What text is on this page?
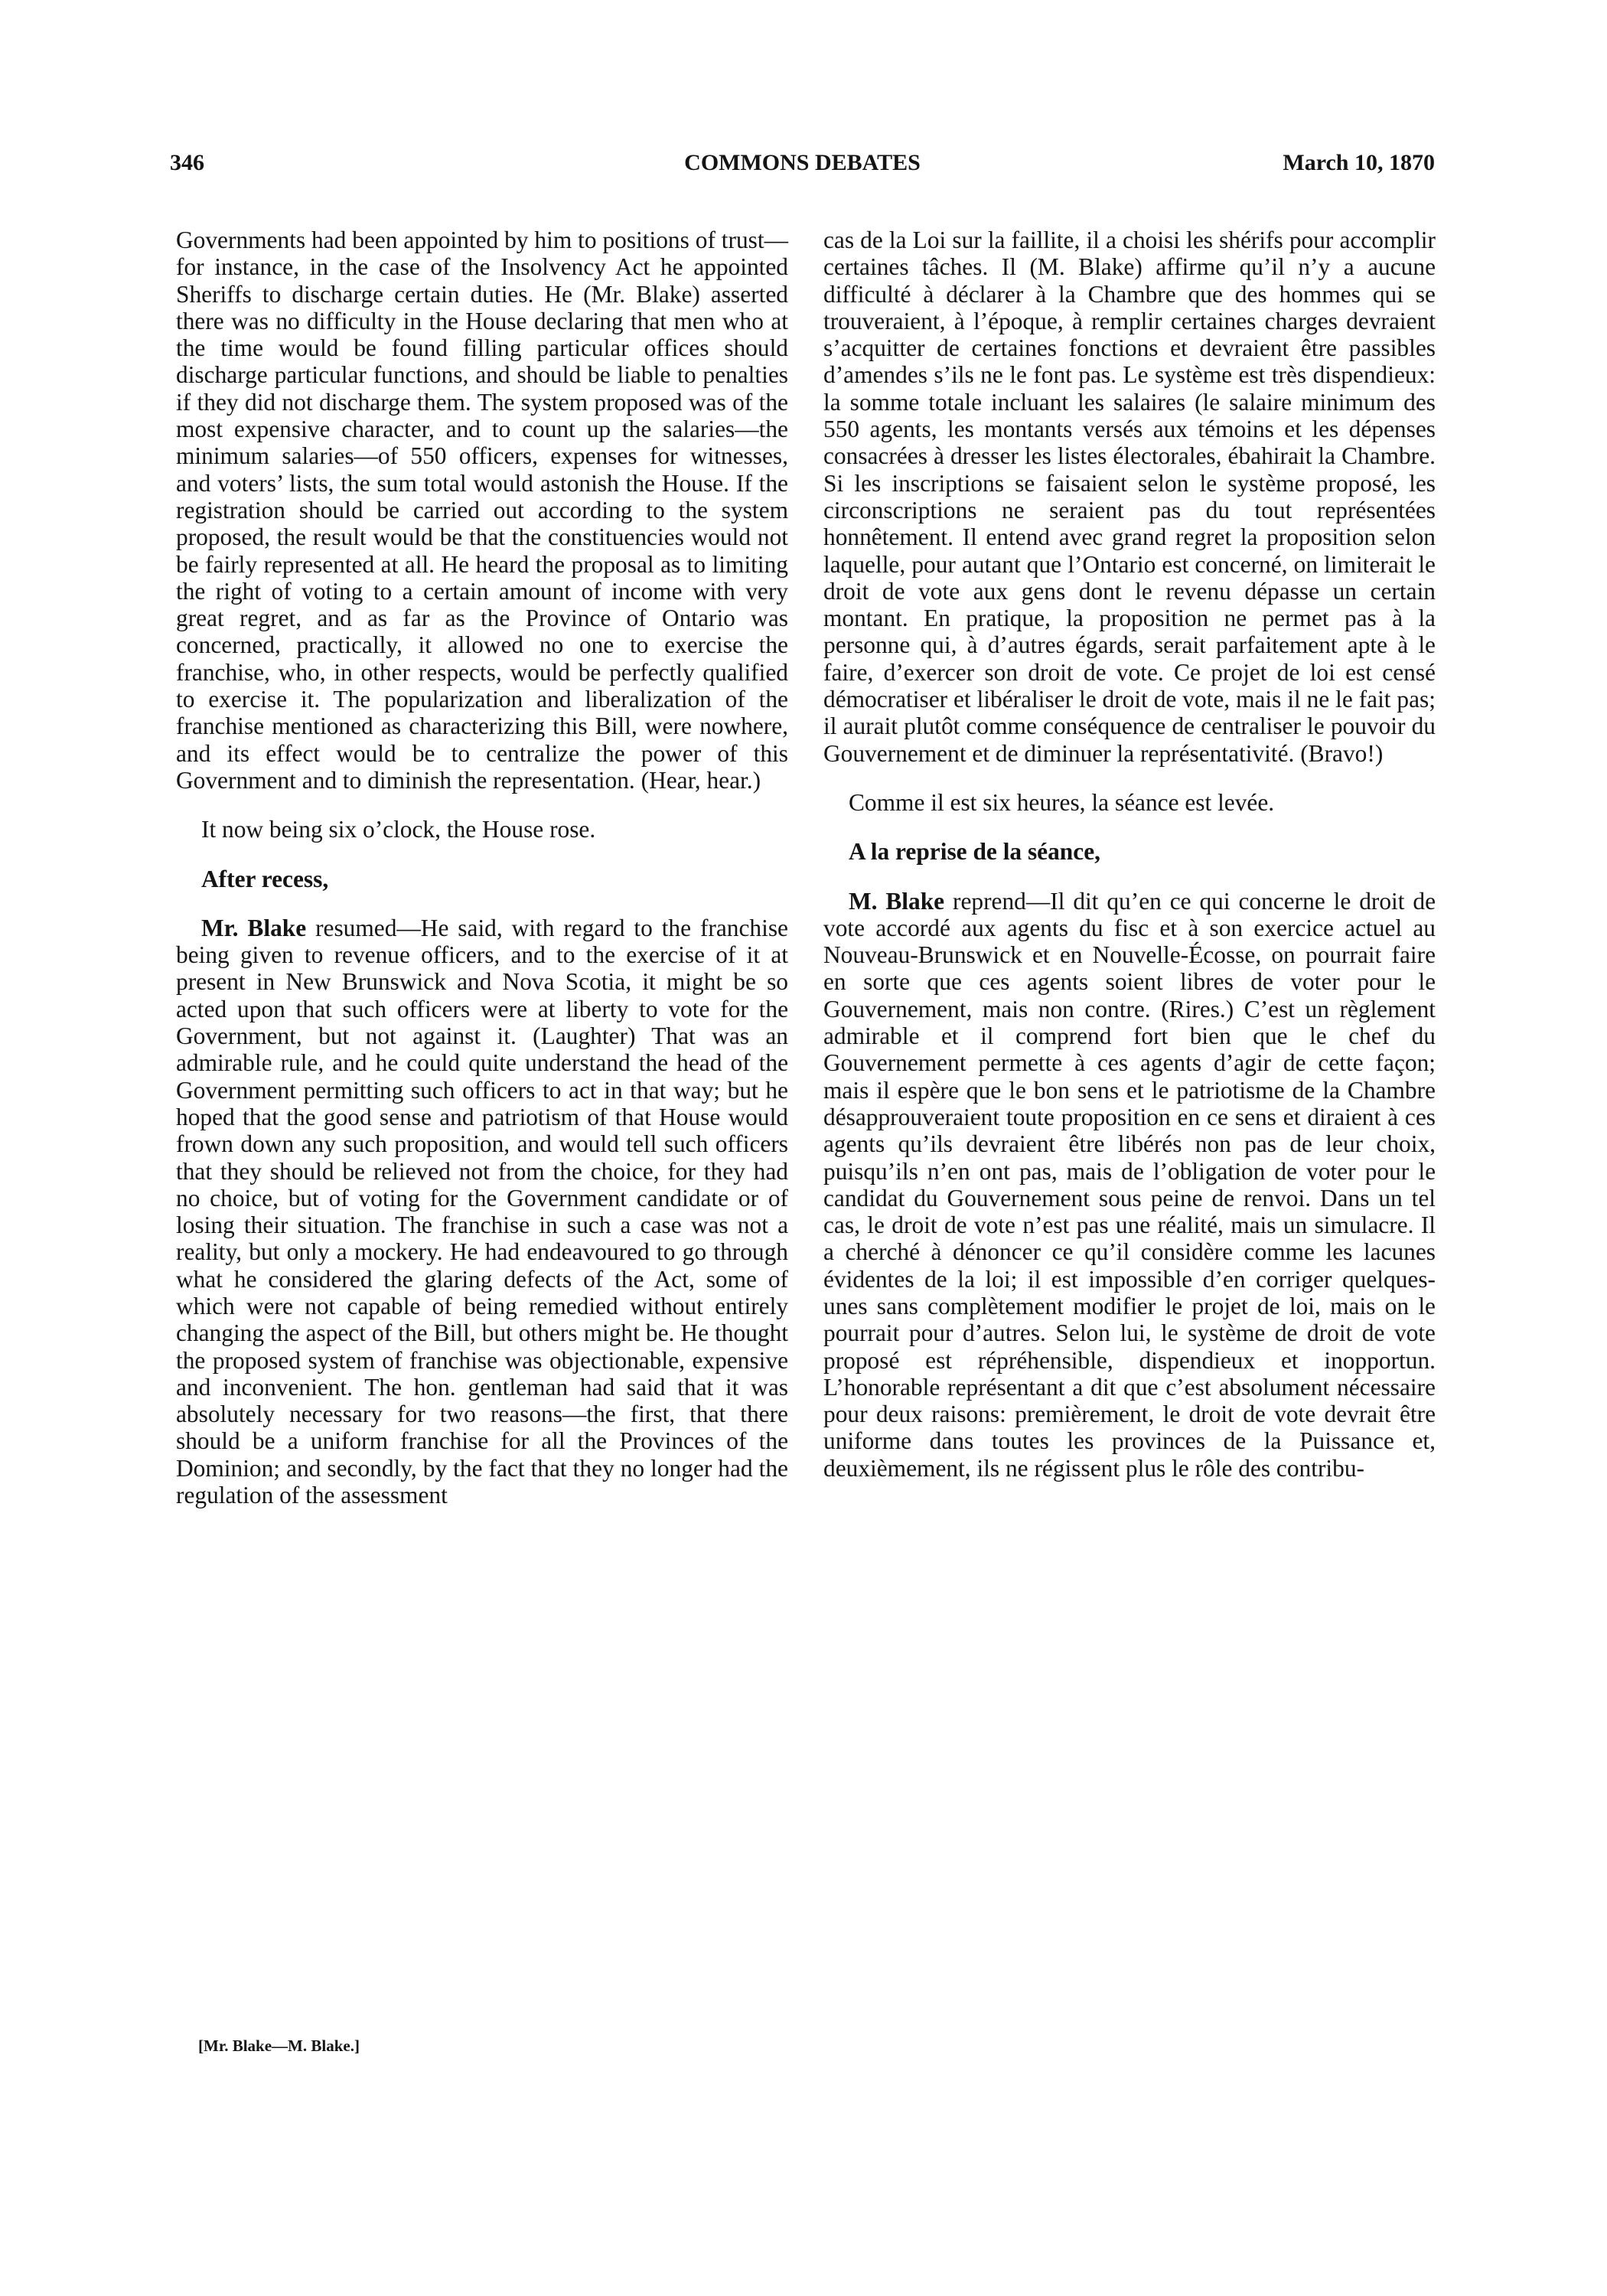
346	COMMONS DEBATES	March 10, 1870

Governments had been appointed by him to positions of trust—for instance, in the case of the Insolvency Act he appointed Sheriffs to discharge certain duties. He (Mr. Blake) asserted there was no difficulty in the House declaring that men who at the time would be found filling particular offices should discharge particular functions, and should be liable to penalties if they did not discharge them. The system proposed was of the most expensive character, and to count up the salaries—the minimum salaries—of 550 officers, expenses for witnesses, and voters’ lists, the sum total would astonish the House. If the registration should be carried out according to the system proposed, the result would be that the constituencies would not be fairly represented at all. He heard the proposal as to limiting the right of voting to a certain amount of income with very great regret, and as far as the Province of Ontario was concerned, practically, it allowed no one to exercise the franchise, who, in other respects, would be perfectly qualified to exercise it. The popularization and liberalization of the franchise mentioned as characterizing this Bill, were nowhere, and its effect would be to centralize the power of this Government and to diminish the representation. (Hear, hear.)

It now being six o’clock, the House rose.

After recess,

Mr. Blake resumed—He said, with regard to the franchise being given to revenue officers, and to the exercise of it at present in New Brunswick and Nova Scotia, it might be so acted upon that such officers were at liberty to vote for the Government, but not against it. (Laughter) That was an admirable rule, and he could quite understand the head of the Government permitting such officers to act in that way; but he hoped that the good sense and patriotism of that House would frown down any such proposition, and would tell such officers that they should be relieved not from the choice, for they had no choice, but of voting for the Government candidate or of losing their situation. The franchise in such a case was not a reality, but only a mockery. He had endeavoured to go through what he considered the glaring defects of the Act, some of which were not capable of being remedied without entirely changing the aspect of the Bill, but others might be. He thought the proposed system of franchise was objectionable, expensive and inconvenient. The hon. gentleman had said that it was absolutely necessary for two reasons—the first, that there should be a uniform franchise for all the Provinces of the Dominion; and secondly, by the fact that they no longer had the regulation of the assessment

cas de la Loi sur la faillite, il a choisi les shérifs pour accomplir certaines tâches. Il (M. Blake) affirme qu’il n’y a aucune difficulté à déclarer à la Chambre que des hommes qui se trouveraient, à l’époque, à remplir certaines charges devraient s’acquitter de certaines fonctions et devraient être passibles d’amendes s’ils ne le font pas. Le système est très dispendieux: la somme totale incluant les salaires (le salaire minimum des 550 agents, les montants versés aux témoins et les dépenses consacrées à dresser les listes électorales, ébahirait la Chambre. Si les inscriptions se faisaient selon le système proposé, les circonscriptions ne seraient pas du tout représentées honnêtement. Il entend avec grand regret la proposition selon laquelle, pour autant que l’Ontario est concerné, on limiterait le droit de vote aux gens dont le revenu dépasse un certain montant. En pratique, la proposition ne permet pas à la personne qui, à d’autres égards, serait parfaitement apte à le faire, d’exercer son droit de vote. Ce projet de loi est censé démocratiser et libéraliser le droit de vote, mais il ne le fait pas; il aurait plutôt comme conséquence de centraliser le pouvoir du Gouvernement et de diminuer la représentativité. (Bravo!)

Comme il est six heures, la séance est levée.

A la reprise de la séance,

M. Blake reprend—Il dit qu’en ce qui concerne le droit de vote accordé aux agents du fisc et à son exercice actuel au Nouveau-Brunswick et en Nouvelle-Écosse, on pourrait faire en sorte que ces agents soient libres de voter pour le Gouvernement, mais non contre. (Rires.) C’est un règlement admirable et il comprend fort bien que le chef du Gouvernement permette à ces agents d’agir de cette façon; mais il espère que le bon sens et le patriotisme de la Chambre désapprouveraient toute proposition en ce sens et diraient à ces agents qu’ils devraient être libérés non pas de leur choix, puisqu’ils n’en ont pas, mais de l’obligation de voter pour le candidat du Gouvernement sous peine de renvoi. Dans un tel cas, le droit de vote n’est pas une réalité, mais un simulacre. Il a cherché à dénoncer ce qu’il considère comme les lacunes évidentes de la loi; il est impossible d’en corriger quelques-unes sans complètement modifier le projet de loi, mais on le pourrait pour d’autres. Selon lui, le système de droit de vote proposé est répréhensible, dispendieux et inopportun. L’honorable représentant a dit que c’est absolument nécessaire pour deux raisons: premièrement, le droit de vote devrait être uniforme dans toutes les provinces de la Puissance et, deuxièmement, ils ne régissent plus le rôle des contribu-

[Mr. Blake—M. Blake.]
